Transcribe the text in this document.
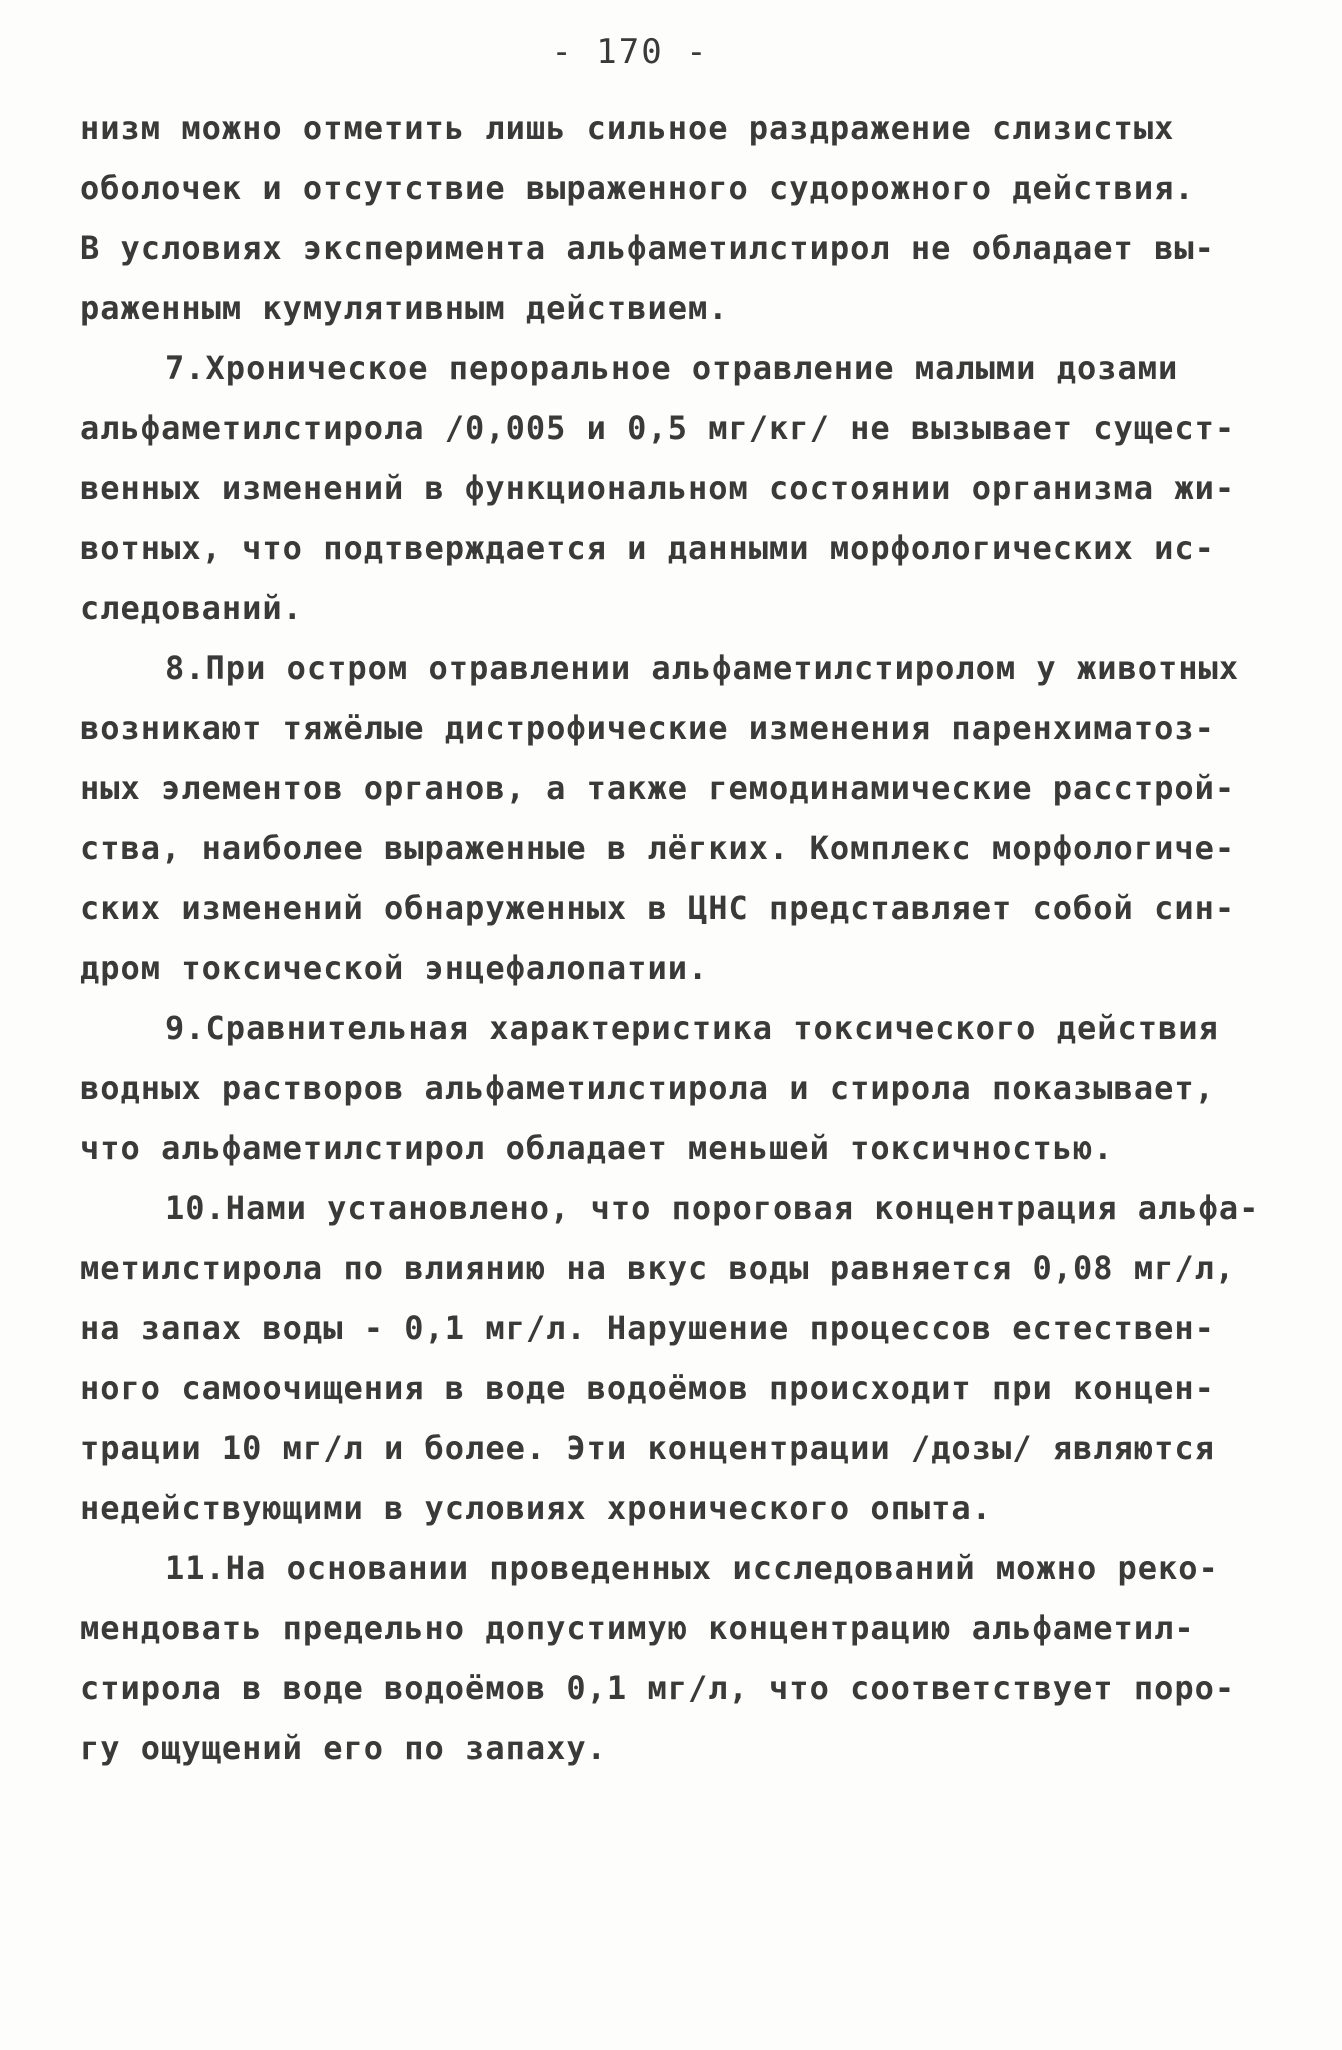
- 170 -
низм можно отметить лишь сильное раздражение слизистых
оболочек и отсутствие выраженного судорожного действия.
В условиях эксперимента альфаметилстирол не обладает вы-
раженным кумулятивным действием.
7.Хроническое пероральное отравление малыми дозами
альфаметилстирола /0,005 и 0,5 мг/кг/ не вызывает сущест-
венных изменений в функциональном состоянии организма жи-
вотных, что подтверждается и данными морфологических ис-
следований.
8.При остром отравлении альфаметилстиролом у животных
возникают тяжёлые дистрофические изменения паренхиматоз-
ных элементов органов, а также гемодинамические расстрой-
ства, наиболее выраженные в лёгких. Комплекс морфологиче-
ских изменений обнаруженных в ЦНС представляет собой син-
дром токсической энцефалопатии.
9.Сравнительная характеристика токсического действия
водных растворов альфаметилстирола и стирола показывает,
что альфаметилстирол обладает меньшей токсичностью.
10.Нами установлено, что пороговая концентрация альфа-
метилстирола по влиянию на вкус воды равняется 0,08 мг/л,
на запах воды - 0,1 мг/л. Нарушение процессов естествен-
ного самоочищения в воде водоёмов происходит при концен-
трации 10 мг/л и более. Эти концентрации /дозы/ являются
недействующими в условиях хронического опыта.
11.На основании проведенных исследований можно реко-
мендовать предельно допустимую концентрацию альфаметил-
стирола в воде водоёмов 0,1 мг/л, что соответствует поро-
гу ощущений его по запаху.
